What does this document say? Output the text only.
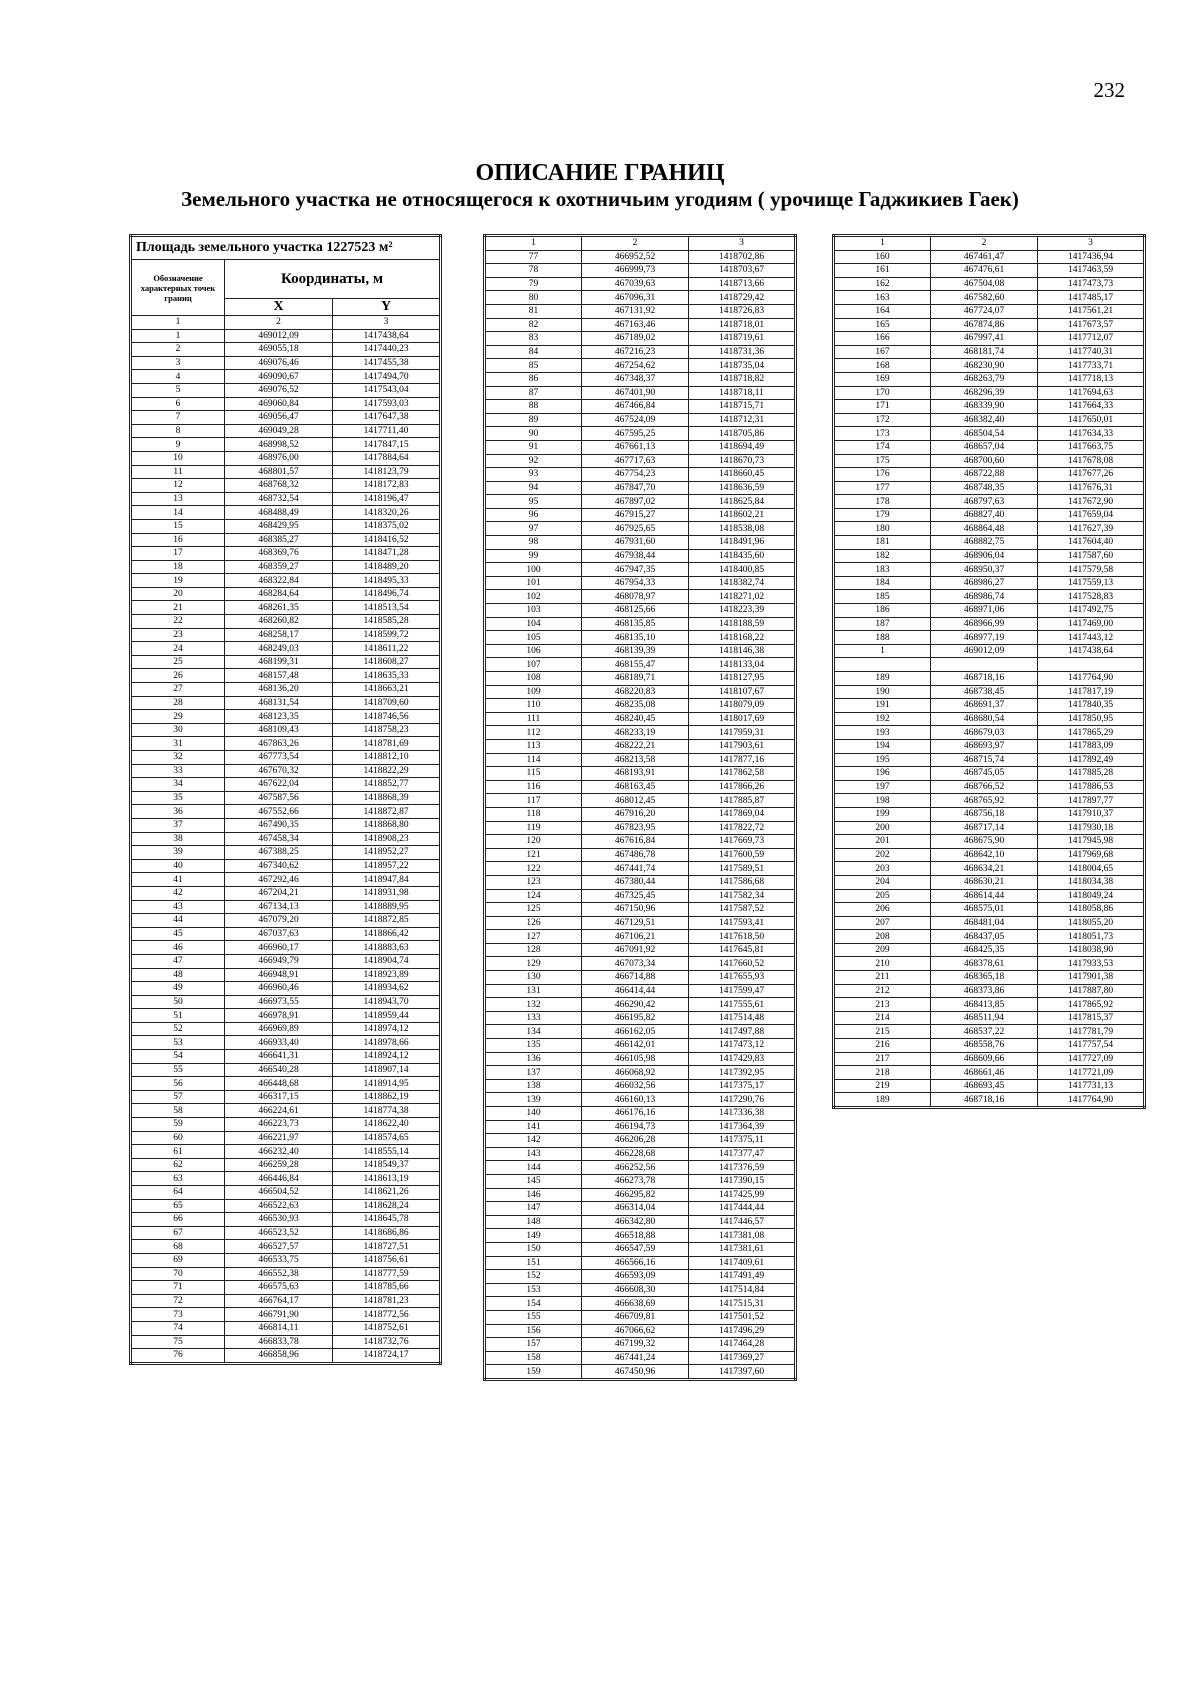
232
ОПИСАНИЕ ГРАНИЦ
Земельного участка не относящегося к охотничьим угодиям ( урочище Гаджикиев Гаек)
Площадь земельного участка 1227523 м²		
Обозначение характерных точек границ	Координаты, м	
	X	Y
1	2	3
1	469012,09	1417438,64
2	469055,18	1417440,23
3	469076,46	1417455,38
4	469090,67	1417494,70
5	469076,52	1417543,04
6	469060,84	1417593,03
7	469056,47	1417647,38
8	469049,28	1417711,40
9	468998,52	1417847,15
10	468976,00	1417884,64
11	468801,57	1418123,79
12	468768,32	1418172,83
13	468732,54	1418196,47
14	468488,49	1418320,26
15	468429,95	1418375,02
16	468385,27	1418416,52
17	468369,76	1418471,28
18	468359,27	1418489,20
19	468322,84	1418495,33
20	468284,64	1418496,74
21	468261,35	1418513,54
22	468260,82	1418585,28
23	468258,17	1418599,72
24	468249,03	1418611,22
25	468199,31	1418608,27
26	468157,48	1418635,33
27	468136,20	1418663,21
28	468131,54	1418709,60
29	468123,35	1418746,56
30	468109,43	1418758,23
31	467863,26	1418781,69
32	467773,54	1418812,10
33	467670,32	1418822,29
34	467622,04	1418852,77
35	467587,56	1418868,39
36	467552,66	1418872,87
37	467490,35	1418868,80
38	467458,34	1418908,23
39	467388,25	1418952,27
40	467340,62	1418957,22
41	467292,46	1418947,84
42	467204,21	1418931,98
43	467134,13	1418889,95
44	467079,20	1418872,85
45	467037,63	1418866,42
46	466960,17	1418883,63
47	466949,79	1418904,74
48	466948,91	1418923,89
49	466960,46	1418934,62
50	466973,55	1418943,70
51	466978,91	1418959,44
52	466969,89	1418974,12
53	466933,40	1418978,66
54	466641,31	1418924,12
55	466540,28	1418907,14
56	466448,68	1418914,95
57	466317,15	1418862,19
58	466224,61	1418774,38
59	466223,73	1418622,40
60	466221,97	1418574,65
61	466232,40	1418555,14
62	466259,28	1418549,37
63	466446,84	1418613,19
64	466504,52	1418621,26
65	466522,63	1418628,24
66	466530,93	1418645,78
67	466523,52	1418686,86
68	466527,57	1418727,51
69	466533,75	1418756,61
70	466552,38	1418777,59
71	466575,63	1418785,66
72	466764,17	1418781,23
73	466791,90	1418772,56
74	466814,11	1418752,61
75	466833,78	1418732,76
76	466858,96	1418724,17
1	2	3
77	466952,52	1418702,86
78	466999,73	1418703,67
79	467039,63	1418713,66
80	467096,31	1418729,42
81	467131,92	1418726,83
82	467163,46	1418718,01
83	467189,02	1418719,61
84	467216,23	1418731,36
85	467254,62	1418735,04
86	467348,37	1418718,82
87	467401,90	1418718,11
88	467466,84	1418715,71
89	467524,09	1418712,31
90	467595,25	1418705,86
91	467661,13	1418694,49
92	467717,63	1418670,73
93	467754,23	1418660,45
94	467847,70	1418636,59
95	467897,02	1418625,84
96	467915,27	1418602,21
97	467925,65	1418538,08
98	467931,60	1418491,96
99	467938,44	1418435,60
100	467947,35	1418400,85
101	467954,33	1418382,74
102	468078,97	1418271,02
103	468125,66	1418223,39
104	468135,85	1418188,59
105	468135,10	1418168,22
106	468139,39	1418146,38
107	468155,47	1418133,04
108	468189,71	1418127,95
109	468220,83	1418107,67
110	468235,08	1418079,09
111	468240,45	1418017,69
112	468233,19	1417959,31
113	468222,21	1417903,61
114	468213,58	1417877,16
115	468193,91	1417862,58
116	468163,45	1417866,26
117	468012,45	1417885,87
118	467916,20	1417869,04
119	467823,95	1417822,72
120	467616,84	1417669,73
121	467486,78	1417600,59
122	467441,74	1417589,51
123	467380,44	1417586,68
124	467325,45	1417582,34
125	467150,96	1417587,52
126	467129,51	1417593,41
127	467106,21	1417618,50
128	467091,92	1417645,81
129	467073,34	1417660,52
130	466714,88	1417655,93
131	466414,44	1417599,47
132	466290,42	1417555,61
133	466195,82	1417514,48
134	466162,05	1417497,88
135	466142,01	1417473,12
136	466105,98	1417429,83
137	466068,92	1417392,95
138	466032,56	1417375,17
139	466160,13	1417290,76
140	466176,16	1417336,38
141	466194,73	1417364,39
142	466206,28	1417375,11
143	466228,68	1417377,47
144	466252,56	1417376,59
145	466273,78	1417390,15
146	466295,82	1417425,99
147	466314,04	1417444,44
148	466342,80	1417446,57
149	466518,88	1417381,08
150	466547,59	1417381,61
151	466566,16	1417409,61
152	466593,09	1417491,49
153	466608,30	1417514,84
154	466638,69	1417515,31
155	466709,81	1417501,52
156	467066,62	1417496,29
157	467199,32	1417464,28
158	467441,24	1417369,27
159	467450,96	1417397,60
1	2	3
160	467461,47	1417436,94
161	467476,61	1417463,59
162	467504,08	1417473,73
163	467582,60	1417485,17
164	467724,07	1417561,21
165	467874,86	1417673,57
166	467997,41	1417712,07
167	468181,74	1417740,31
168	468230,90	1417733,71
169	468263,79	1417718,13
170	468296,39	1417694,63
171	468339,90	1417664,33
172	468382,40	1417650,01
173	468504,54	1417634,33
174	468657,04	1417663,75
175	468700,60	1417678,08
176	468722,88	1417677,26
177	468748,35	1417676,31
178	468797,63	1417672,90
179	468827,40	1417659,04
180	468864,48	1417627,39
181	468882,75	1417604,40
182	468906,04	1417587,60
183	468950,37	1417579,58
184	468986,27	1417559,13
185	468986,74	1417528,83
186	468971,06	1417492,75
187	468966,99	1417469,00
188	468977,19	1417443,12
1	469012,09	1417438,64

189	468718,16	1417764,90
190	468738,45	1417817,19
191	468691,37	1417840,35
192	468680,54	1417850,95
193	468679,03	1417865,29
194	468693,97	1417883,09
195	468715,74	1417892,49
196	468745,05	1417885,28
197	468766,52	1417886,53
198	468765,92	1417897,77
199	468756,18	1417910,37
200	468717,14	1417930,18
201	468675,90	1417945,98
202	468642,10	1417969,68
203	468634,21	1418004,65
204	468630,21	1418034,38
205	468614,44	1418049,24
206	468575,01	1418058,86
207	468481,04	1418055,20
208	468437,05	1418051,73
209	468425,35	1418038,90
210	468378,61	1417933,53
211	468365,18	1417901,38
212	468373,86	1417887,80
213	468413,85	1417865,92
214	468511,94	1417815,37
215	468537,22	1417781,79
216	468558,76	1417757,54
217	468609,66	1417727,09
218	468661,46	1417721,09
219	468693,45	1417731,13
189	468718,16	1417764,90
